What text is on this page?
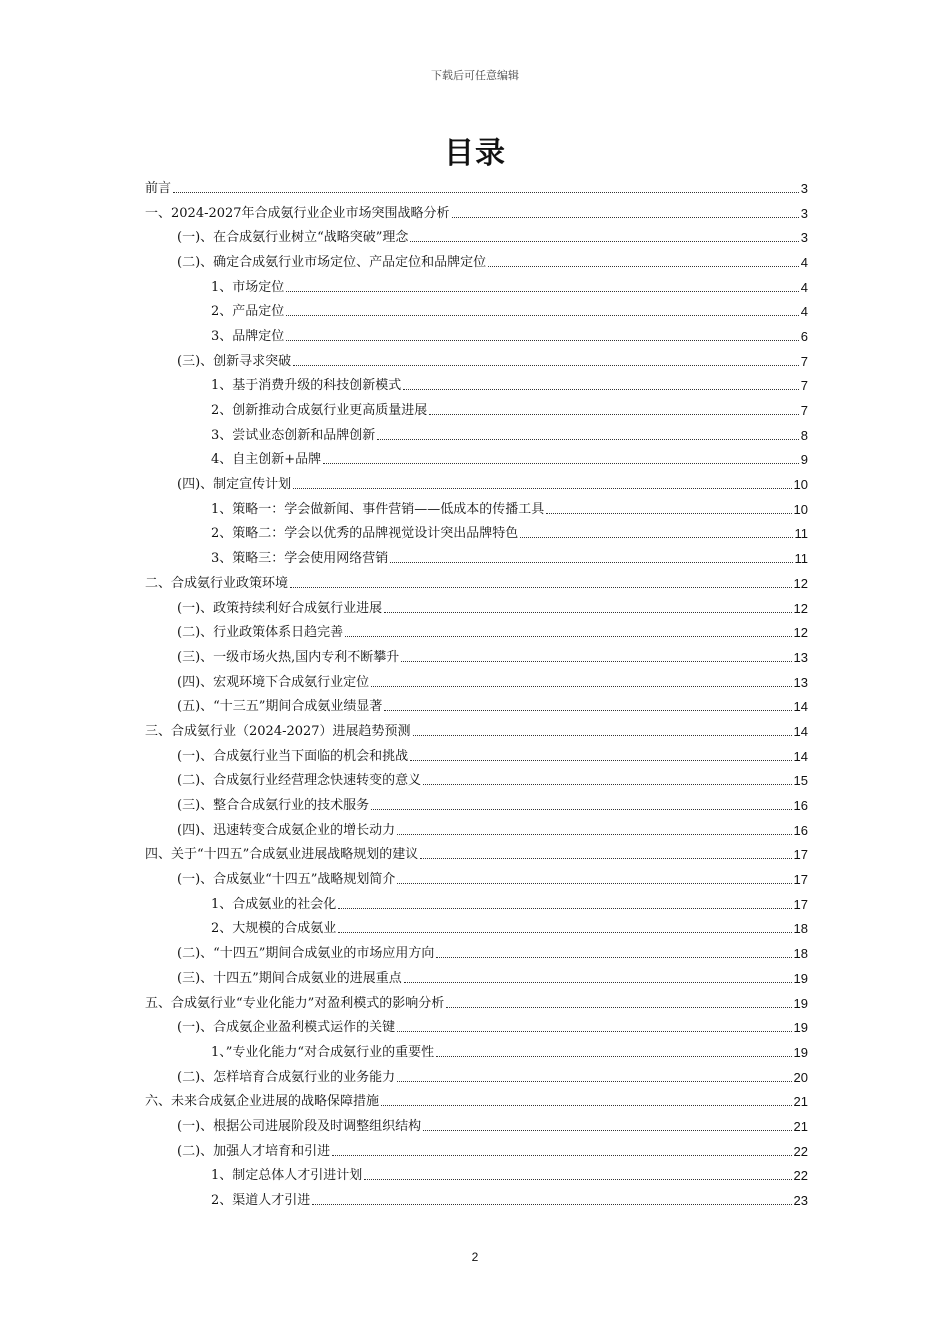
下载后可任意编辑
目录
前言	3
一、2024-2027年合成氨行业企业市场突围战略分析	3
(一)、在合成氨行业树立“战略突破”理念	3
(二)、确定合成氨行业市场定位、产品定位和品牌定位	4
1、市场定位	4
2、产品定位	4
3、品牌定位	6
(三)、创新寻求突破	7
1、基于消费升级的科技创新模式	7
2、创新推动合成氨行业更高质量进展	7
3、尝试业态创新和品牌创新	8
4、自主创新+品牌	9
(四)、制定宣传计划	10
1、策略一：学会做新闻、事件营销——低成本的传播工具	10
2、策略二：学会以优秀的品牌视觉设计突出品牌特色	11
3、策略三：学会使用网络营销	11
二、合成氨行业政策环境	12
(一)、政策持续利好合成氨行业进展	12
(二)、行业政策体系日趋完善	12
(三)、一级市场火热,国内专利不断攀升	13
(四)、宏观环境下合成氨行业定位	13
(五)、“十三五”期间合成氨业绩显著	14
三、合成氨行业（2024-2027）进展趋势预测	14
(一)、合成氨行业当下面临的机会和挑战	14
(二)、合成氨行业经营理念快速转变的意义	15
(三)、整合合成氨行业的技术服务	16
(四)、迅速转变合成氨企业的增长动力	16
四、关于“十四五”合成氨业进展战略规划的建议	17
(一)、合成氨业“十四五”战略规划简介	17
1、合成氨业的社会化	17
2、大规模的合成氨业	18
(二)、“十四五”期间合成氨业的市场应用方向	18
(三)、十四五”期间合成氨业的进展重点	19
五、合成氨行业“专业化能力”对盈利模式的影响分析	19
(一)、合成氨企业盈利模式运作的关键	19
1、”专业化能力“对合成氨行业的重要性	19
(二)、怎样培育合成氨行业的业务能力	20
六、未来合成氨企业进展的战略保障措施	21
(一)、根据公司进展阶段及时调整组织结构	21
(二)、加强人才培育和引进	22
1、制定总体人才引进计划	22
2、渠道人才引进	23
2
